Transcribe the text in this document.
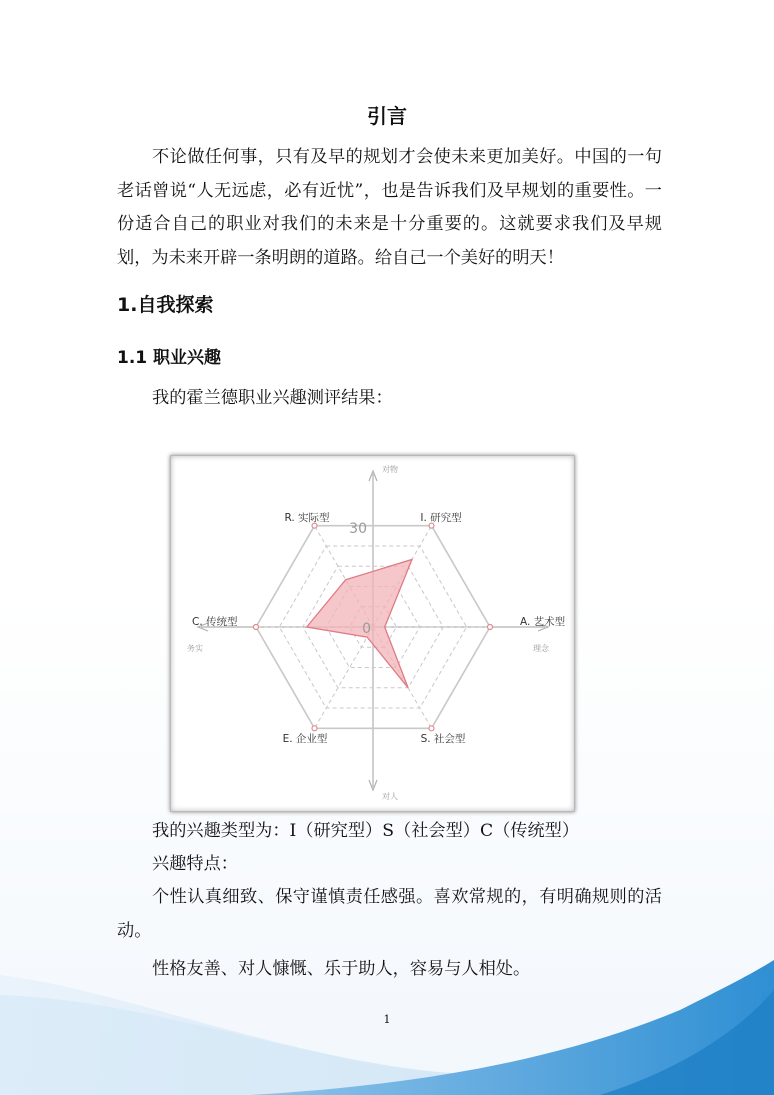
引言

不论做任何事，只有及早的规划才会使未来更加美好。中国的一句老话曾说“人无远虑，必有近忧”，也是告诉我们及早规划的重要性。一份适合自己的职业对我们的未来是十分重要的。这就要求我们及早规划，为未来开辟一条明朗的道路。给自己一个美好的明天！

1.自我探索
1.1 职业兴趣

我的霍兰德职业兴趣测评结果：

30
0
R. 实际型	I. 研究型
A. 艺术型
S. 社会型
E. 企业型
C. 传统型
对物
对人
务实	理念

我的兴趣类型为：I（研究型）S（社会型）C（传统型）

兴趣特点：

个性认真细致、保守谨慎责任感强。喜欢常规的，有明确规则的活动。

性格友善、对人慷慨、乐于助人，容易与人相处。

1
